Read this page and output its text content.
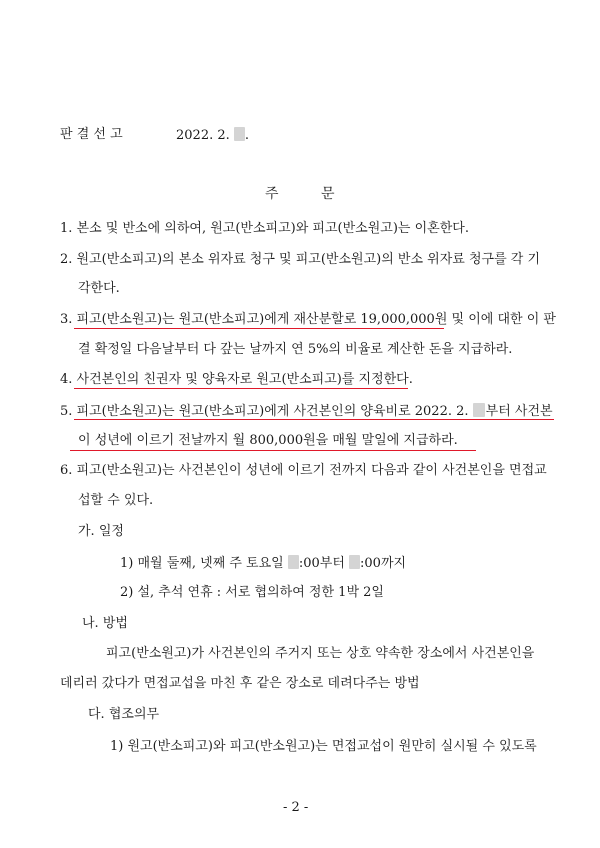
판 결 선 고	2022. 2. .
주	문
1. 본소 및 반소에 의하여, 원고(반소피고)와 피고(반소원고)는 이혼한다.
2. 원고(반소피고)의 본소 위자료 청구 및 피고(반소원고)의 반소 위자료 청구를 각 기
각한다.
3. 피고(반소원고)는 원고(반소피고)에게 재산분할로 19,000,000원 및 이에 대한 이 판
결 확정일 다음날부터 다 갚는 날까지 연 5%의 비율로 계산한 돈을 지급하라.
4. 사건본인의 친권자 및 양육자로 원고(반소피고)를 지정한다.
5. 피고(반소원고)는 원고(반소피고)에게 사건본인의 양육비로 2022. 2. 부터 사건본
이 성년에 이르기 전날까지 월 800,000원을 매월 말일에 지급하라.
6. 피고(반소원고)는 사건본인이 성년에 이르기 전까지 다음과 같이 사건본인을 면접교
섭할 수 있다.
가. 일정
1) 매월 둘째, 넷째 주 토요일 :00부터 :00까지
2) 설, 추석 연휴 : 서로 협의하여 정한 1박 2일
나. 방법
피고(반소원고)가 사건본인의 주거지 또는 상호 약속한 장소에서 사건본인을
데리러 갔다가 면접교섭을 마친 후 같은 장소로 데려다주는 방법
다. 협조의무
1) 원고(반소피고)와 피고(반소원고)는 면접교섭이 원만히 실시될 수 있도록
- 2 -
